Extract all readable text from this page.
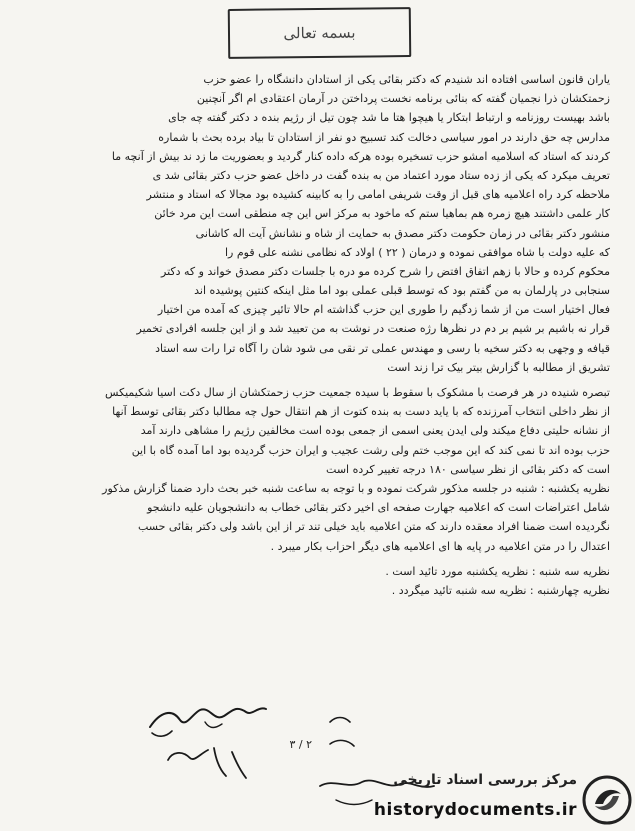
بسمه تعالی
یاران قانون اساسی افتاده اند شنیدم که دکتر بقائی یکی از استادان دانشگاه را عضو حزب
زحمتکشان ذرا نجمیان گفته که بنائی برنامه نخست پرداختن در آرمان اعتقادی ام اگر آنچنین
باشد بهیست روزنامه و ارتباط ابتکار یا هیچوا هتا ما شد چون تیل از رژیم بنده د دکتر گفته چه جای
مدارس چه حق دارند در امور سیاسی دخالت کند تسبیح دو نفر از استادان تا بیاد برده بحث با شماره
کردند که استاد که اسلامیه امشو حزب تسخیره بوده هرکه داده کنار گردید و بعضوریت ما زد ند بیش از آنچه ما
تعریف میکرد که یکی از زده ستاد مورد اعتماد من به بنده گفت در داخل عضو حزب دکتر بقائی شد ی
ملاحظه کرد راه اعلامیه های قبل از وقت شریفی امامی را به کابینه کشیده بود مجالا که استاد و منتشر
کار علمی داشتند هیچ زمره هم بماهیا ستم که ماخود به مرکز اس این چه منطقی است این مرد خائن
منشور دکتر بقائی در زمان حکومت دکتر مصدق به حمایت از شاه و نشانش آیت اله کاشانی
که علیه دولت با شاه موافقی نموده و درمان ( ۲۲ ) اولاد که نظامی نشنه علی قوم را
محکوم کرده و حالا با زهم اتفاق افتض را شرح کرده مو دره با جلسات دکتر مصدق خواند و که دکتر
سنجابی در پارلمان به من گفتم بود که توسط قبلی عملی بود اما مثل اینکه کنتین پوشیده اند
فعال اختیار است من از شما زدگیم را طوری این حزب گذاشته ام حالا تائیر چیزی که آمده من اختیار
قرار نه باشیم بر شیم بر دم در نظرها رژه صنعت در نوشت به من تعیید شد و از این جلسه افرادی تخمیر
قیافه و وجهی به دکتر سخیه با رسی و مهندس عملی تر نقی می شود شان را آگاه ترا رات سه استاد
تشریق از مطالبه با گزارش بیتر بیک ترا زند است
تبصره شنیده در هر فرصت با مشکوک با سقوط با سیده جمعیت حزب زحمتکشان از سال دکت اسیا شکیمیکس
از نظر داخلی انتخاب آمرزنده که با یاید دست به بنده کتوت از هم انتقال حول چه مطالبا دکتر بقائی توسط آنها
از نشانه حلیتی دفاع میکند ولی ایدن یعنی اسمی از جمعی بوده است مخالفین رژیم را مشاهی دارند آمد
حزب بوده اند تا نمی کند که این موجب ختم ولی رشت عجیب و ایران حزب گردیده بود اما آمده گاه با این
است که دکتر بقائی از نظر سیاسی ۱۸۰ درجه تغییر کرده است
نظریه یکشنبه : شنبه در جلسه مذکور شرکت نموده و با توجه به ساعت شنبه خبر بحث دارد ضمنا گزارش مذکور
شامل اعتراضات است که اعلامیه جهارت صفحه ای اخیر دکتر بقائی خطاب به دانشجویان علیه دانشجو
نگردیده است ضمنا افراد معقده دارند که متن اعلامیه باید خیلی تند تر از این باشد ولی دکتر بقائی حسب
اعتدال را در متن اعلامیه در پایه ها ای اعلامیه های دیگر احزاب بکار میبرد .
نظریه سه شنبه : نظریه یکشنبه مورد تائید است .
نظریه چهارشنبه : نظریه سه شنبه تائید میگردد .
۲ / ۳
مرکز بررسی اسناد تاریخی
historydocuments.ir
